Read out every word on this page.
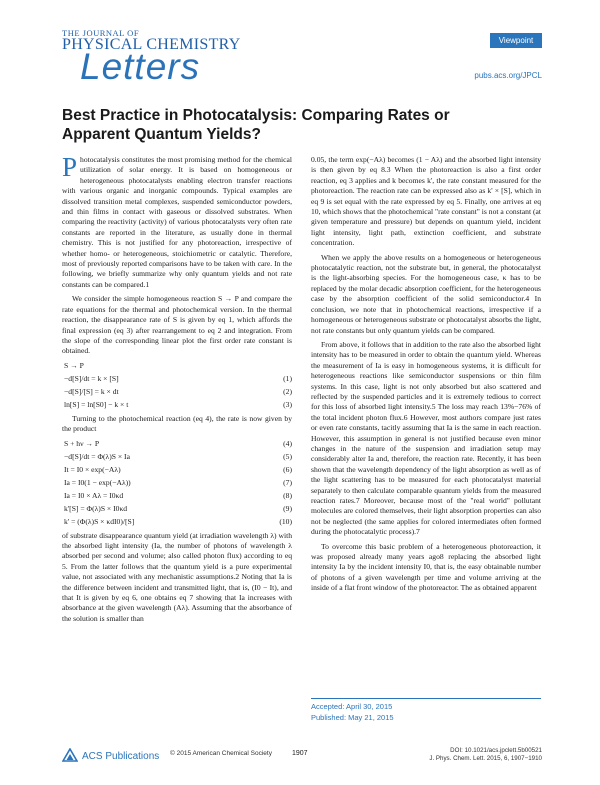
THE JOURNAL OF
PHYSICAL CHEMISTRY
Letters
Viewpoint
pubs.acs.org/JPCL
Best Practice in Photocatalysis: Comparing Rates or Apparent Quantum Yields?

Photocatalysis constitutes the most promising method for the chemical utilization of solar energy. It is based on homogeneous or heterogeneous photocatalysts enabling electron transfer reactions with various organic and inorganic compounds. Typical examples are dissolved transition metal complexes, suspended semiconductor powders, and thin films in contact with gaseous or dissolved substrates. When comparing the reactivity (activity) of various photocatalysts very often rate constants are reported in the literature, as usually done in thermal chemistry. This is not justified for any photoreaction, irrespective of whether homo- or heterogeneous, stoichiometric or catalytic. Therefore, most of previously reported comparisons have to be taken with care. In the following, we briefly summarize why only quantum yields and not rate constants can be compared.1

We consider the simple homogeneous reaction S → P and compare the rate equations for the thermal and photochemical version. In the thermal reaction, the disappearance rate of S is given by eq 1, which affords the final expression (eq 3) after rearrangement to eq 2 and integration. From the slope of the corresponding linear plot the first order rate constant is obtained.

S → P
−d[S]/dt = k × [S]	(1)
−d[S]/[S] = k × dt	(2)
ln[S] = ln[S0] − k × t	(3)

Turning to the photochemical reaction (eq 4), the rate is now given by the product

S + hν → P	(4)
−d[S]/dt = Φ(λ)S × Ia	(5)
It = I0 × exp(−Aλ)	(6)
Ia = I0(1 − exp(−Aλ))	(7)
Ia = I0 × Aλ = I0κd	(8)
k'[S] = Φ(λ)S × I0κd	(9)
k' = (Φ(λ)S × κdI0)/[S]	(10)

of substrate disappearance quantum yield (at irradiation wavelength λ) with the absorbed light intensity (Ia, the number of photons of wavelength λ absorbed per second and volume; also called photon flux) according to eq 5. From the latter follows that the quantum yield is a pure experimental value, not associated with any mechanistic assumptions.2 Noting that Ia is the difference between incident and transmitted light, that is, (I0 − It), and that It is given by eq 6, one obtains eq 7 showing that Ia increases with absorbance at the given wavelength (Aλ). Assuming that the absorbance of the solution is smaller than

0.05, the term exp(−Aλ) becomes (1 − Aλ) and the absorbed light intensity is then given by eq 8.3 When the photoreaction is also a first order reaction, eq 3 applies and k becomes k', the rate constant measured for the photoreaction. The reaction rate can be expressed also as k' × [S], which in eq 9 is set equal with the rate expressed by eq 5. Finally, one arrives at eq 10, which shows that the photochemical "rate constant" is not a constant (at given temperature and pressure) but depends on quantum yield, incident light intensity, light path, extinction coefficient, and substrate concentration.

When we apply the above results on a homogeneous or heterogeneous photocatalytic reaction, not the substrate but, in general, the photocatalyst is the light-absorbing species. For the homogeneous case, κ has to be replaced by the molar decadic absorption coefficient, for the heterogeneous case by the absorption coefficient of the solid semiconductor.4 In conclusion, we note that in photochemical reactions, irrespective if a homogeneous or heterogeneous substrate or photocatalyst absorbs the light, not rate constants but only quantum yields can be compared.

From above, it follows that in addition to the rate also the absorbed light intensity has to be measured in order to obtain the quantum yield. Whereas the measurement of Ia is easy in homogeneous systems, it is difficult for heterogeneous reactions like semiconductor suspensions or thin film systems. In this case, light is not only absorbed but also scattered and reflected by the suspended particles and it is extremely tedious to correct for this loss of absorbed light intensity.5 The loss may reach 13%−76% of the total incident photon flux.6 However, most authors compare just rates or even rate constants, tacitly assuming that Ia is the same in each reaction. However, this assumption in general is not justified because even minor changes in the nature of the suspension and irradiation setup may considerably alter Ia and, therefore, the reaction rate. Recently, it has been shown that the wavelength dependency of the light absorption as well as of the light scattering has to be measured for each photocatalyst material separately to then calculate comparable quantum yields from the measured reaction rates.7 Moreover, because most of the "real world" pollutant molecules are colored themselves, their light absorption properties can also not be neglected (the same applies for colored intermediates often formed during the photocatalytic process).7

To overcome this basic problem of a heterogeneous photoreaction, it was proposed already many years ago8 replacing the absorbed light intensity Ia by the incident intensity I0, that is, the easy obtainable number of photons of a given wavelength per time and volume arriving at the inside of a flat front window of the photoreactor. The as obtained apparent

Accepted: April 30, 2015
Published: May 21, 2015
ACS Publications © 2015 American Chemical Society	1907	DOI: 10.1021/acs.jpclett.5b00521
J. Phys. Chem. Lett. 2015, 6, 1907−1910
